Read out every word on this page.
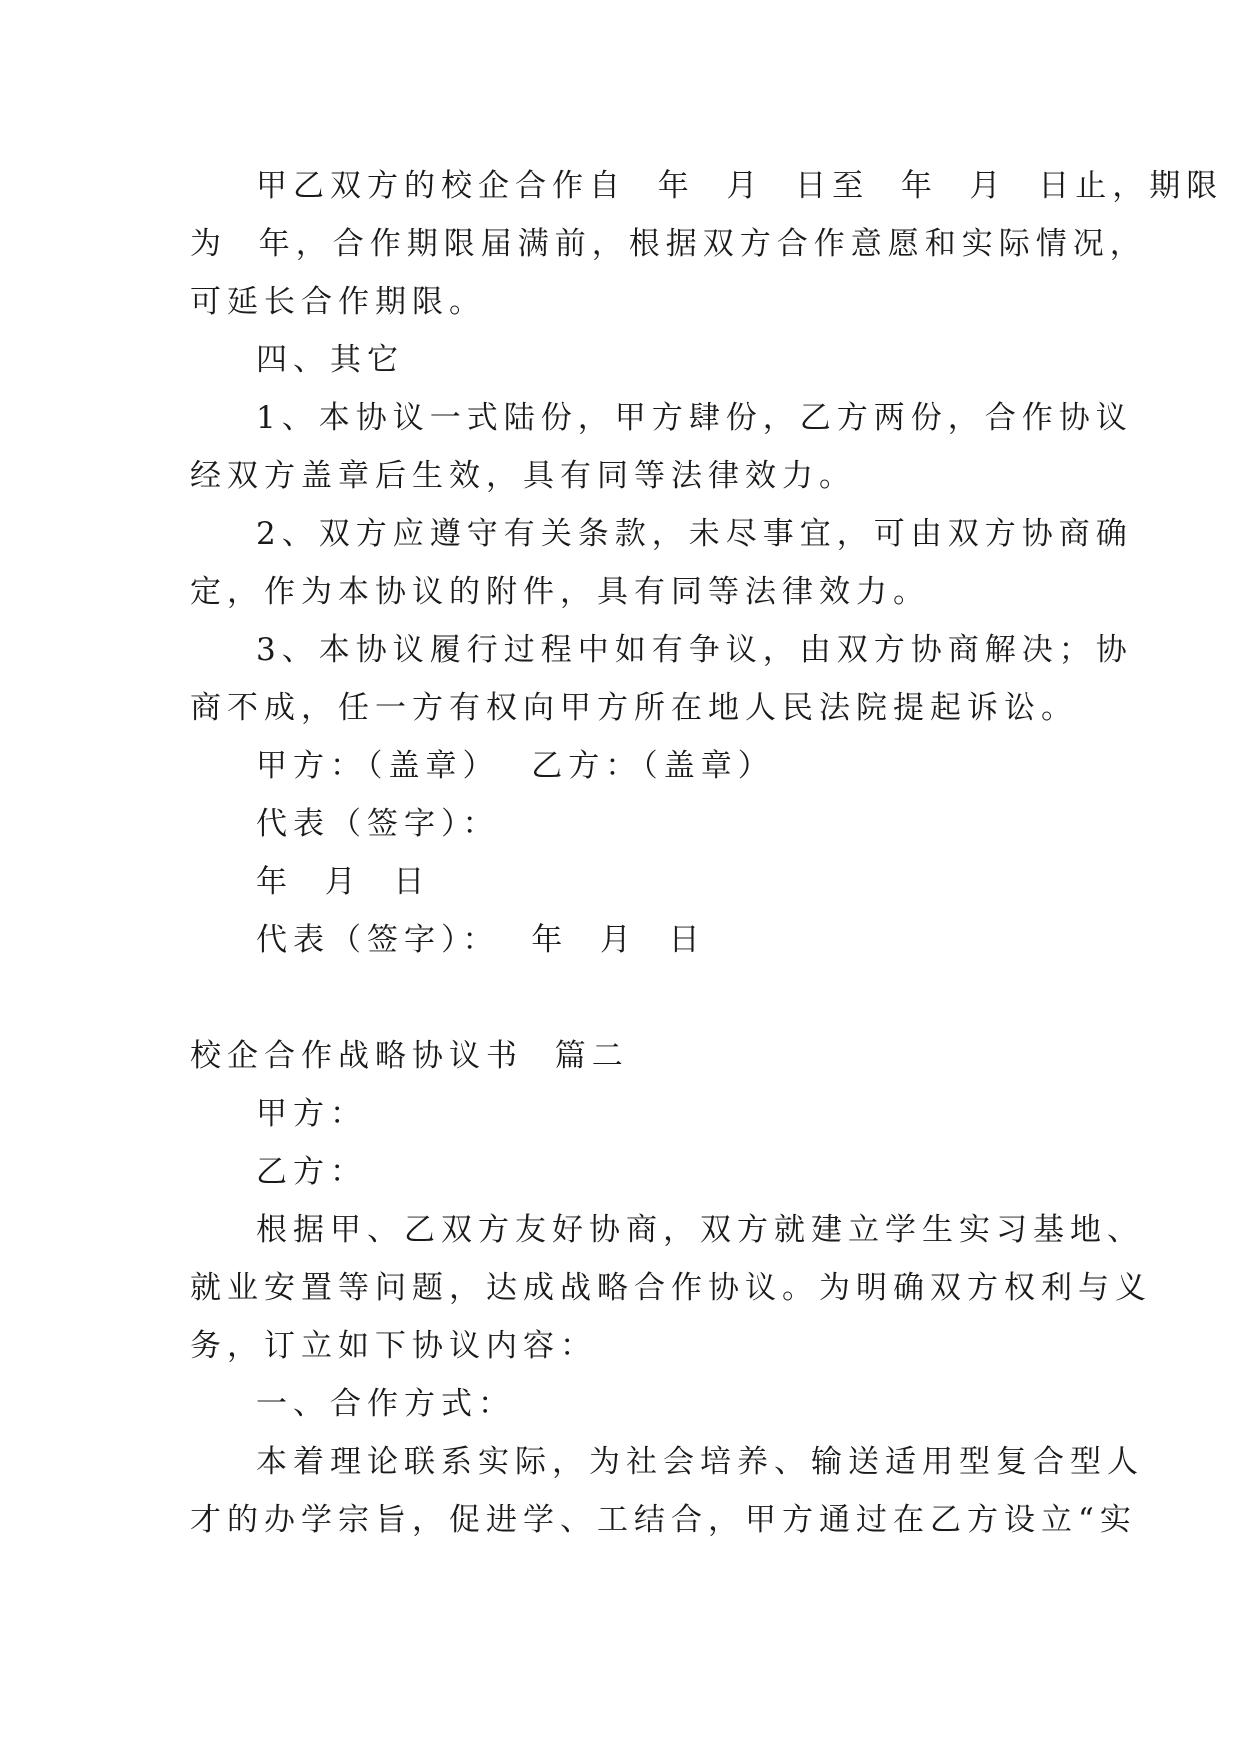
甲乙双方的校企合作自  年  月  日至  年  月  日止，期限
为  年，合作期限届满前，根据双方合作意愿和实际情况，
可延长合作期限。
四、其它
1、本协议一式陆份，甲方肆份，乙方两份，合作协议
经双方盖章后生效，具有同等法律效力。
2、双方应遵守有关条款，未尽事宜，可由双方协商确
定，作为本协议的附件，具有同等法律效力。
3、本协议履行过程中如有争议，由双方协商解决；协
商不成，任一方有权向甲方所在地人民法院提起诉讼。
甲方：（盖章）  乙方：（盖章）
代表（签字）：
年  月  日
代表（签字）：  年  月  日
校企合作战略协议书  篇二
甲方：
乙方：
根据甲、乙双方友好协商，双方就建立学生实习基地、
就业安置等问题，达成战略合作协议。为明确双方权利与义
务，订立如下协议内容：
一、合作方式：
本着理论联系实际，为社会培养、输送适用型复合型人
才的办学宗旨，促进学、工结合，甲方通过在乙方设立“实
